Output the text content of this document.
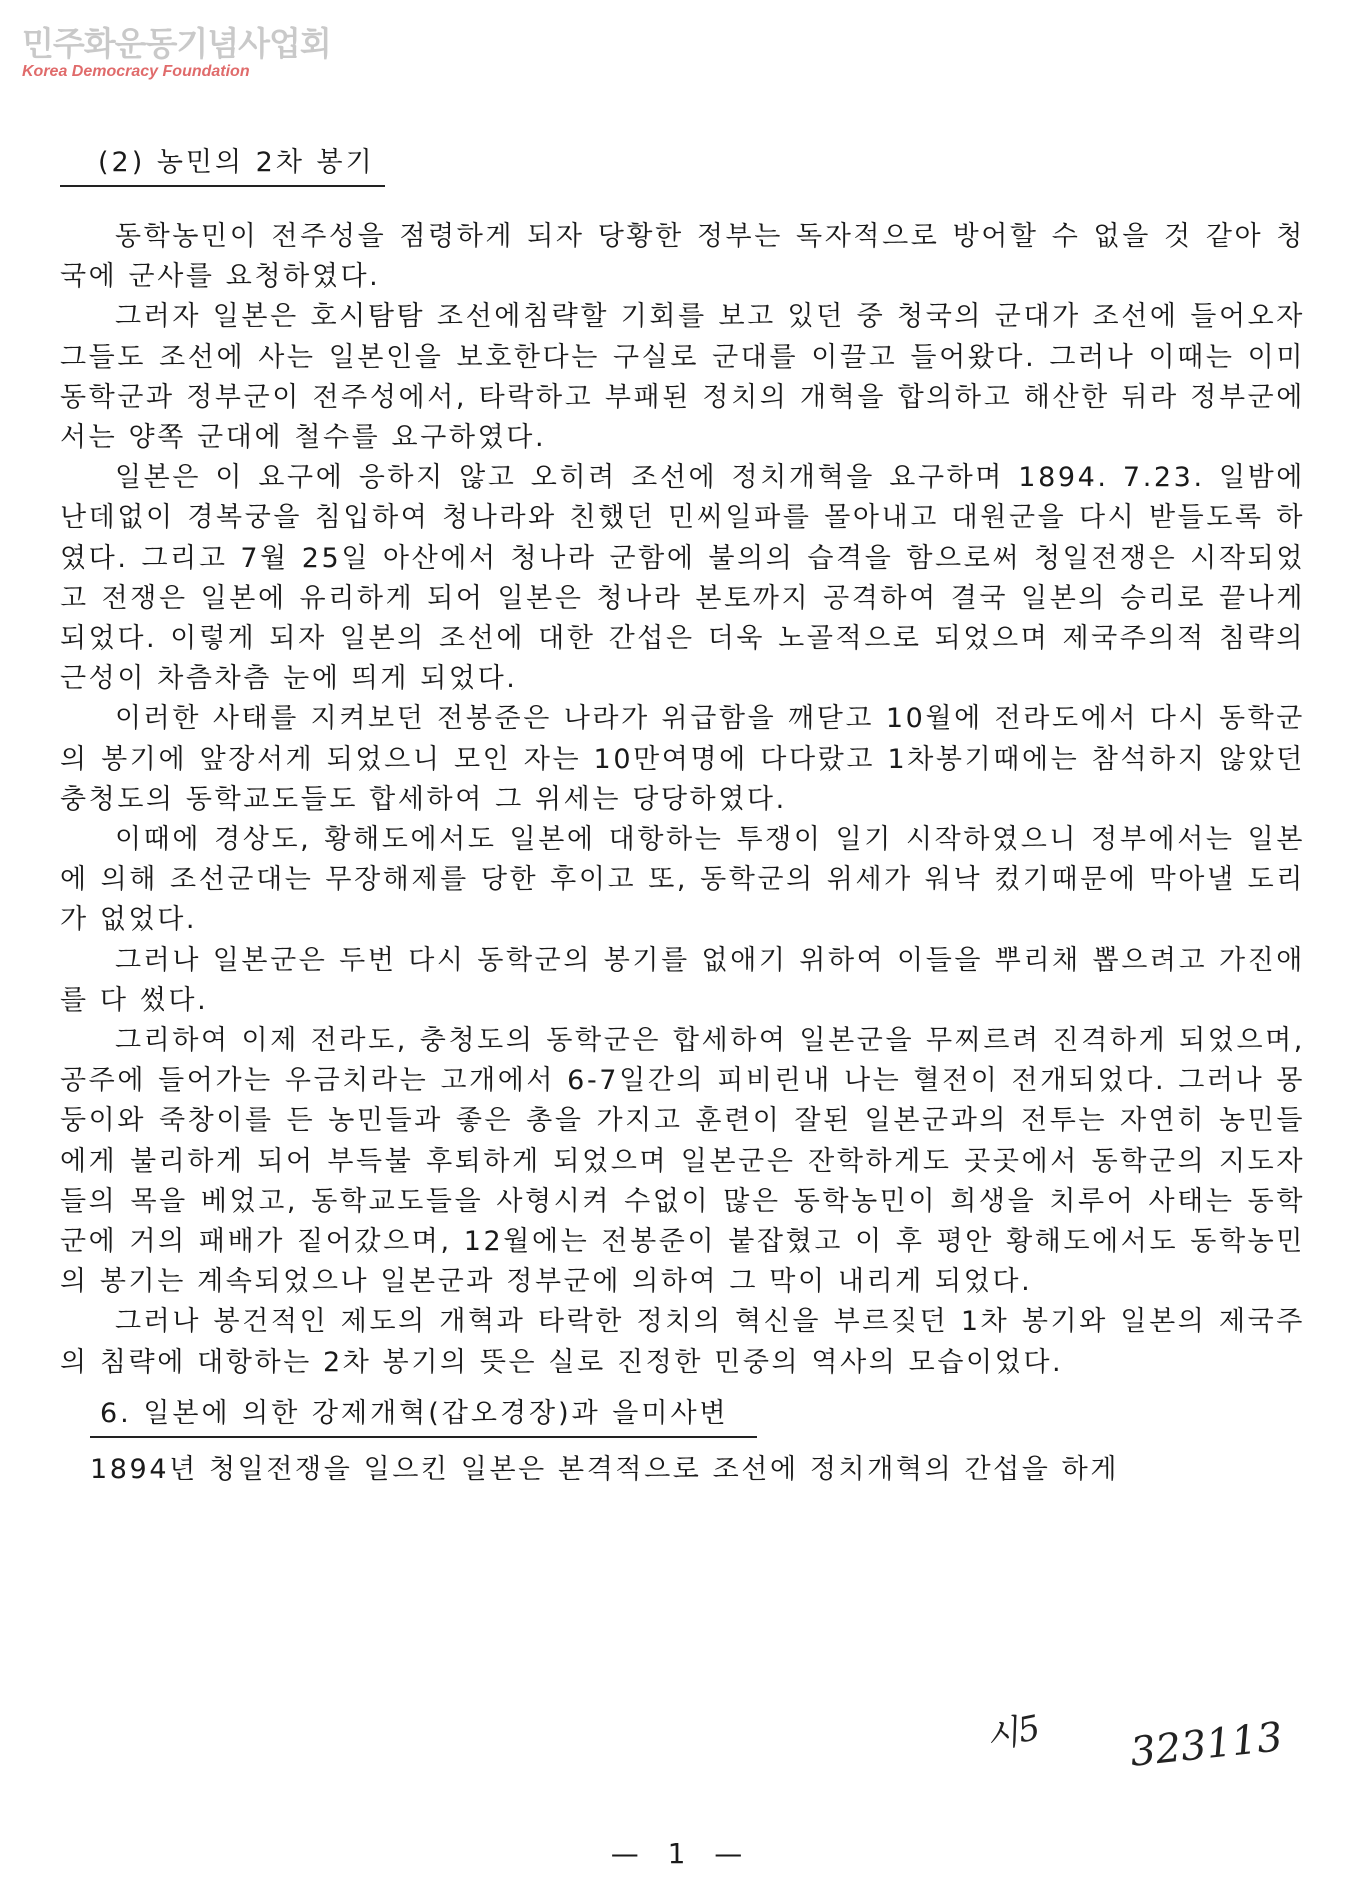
민주화운동기념사업회
Korea Democracy Foundation
(2) 농민의 2차 봉기

동학농민이 전주성을 점령하게 되자 당황한 정부는 독자적으로 방어할 수 없을 것 같아 청국에 군사를 요청하였다.

그러자 일본은 호시탐탐 조선에침략할 기회를 보고 있던 중 청국의 군대가 조선에 들어오자 그들도 조선에 사는 일본인을 보호한다는 구실로 군대를 이끌고 들어왔다. 그러나 이때는 이미 동학군과 정부군이 전주성에서, 타락하고 부패된 정치의 개혁을 합의하고 해산한 뒤라 정부군에서는 양쪽 군대에 철수를 요구하였다.

일본은 이 요구에 응하지 않고 오히려 조선에 정치개혁을 요구하며 1894. 7.23. 일밤에 난데없이 경복궁을 침입하여 청나라와 친했던 민씨일파를 몰아내고 대원군을 다시 받들도록 하였다. 그리고 7월 25일 아산에서 청나라 군함에 불의의 습격을 함으로써 청일전쟁은 시작되었고 전쟁은 일본에 유리하게 되어 일본은 청나라 본토까지 공격하여 결국 일본의 승리로 끝나게 되었다. 이렇게 되자 일본의 조선에 대한 간섭은 더욱 노골적으로 되었으며 제국주의적 침략의 근성이 차츰차츰 눈에 띄게 되었다.

이러한 사태를 지켜보던 전봉준은 나라가 위급함을 깨닫고 10월에 전라도에서 다시 동학군의 봉기에 앞장서게 되었으니 모인 자는 10만여명에 다다랐고 1차봉기때에는 참석하지 않았던 충청도의 동학교도들도 합세하여 그 위세는 당당하였다.

이때에 경상도, 황해도에서도 일본에 대항하는 투쟁이 일기 시작하였으니 정부에서는 일본에 의해 조선군대는 무장해제를 당한 후이고 또, 동학군의 위세가 워낙 컸기때문에 막아낼 도리가 없었다.

그러나 일본군은 두번 다시 동학군의 봉기를 없애기 위하여 이들을 뿌리채 뽑으려고 가진애를 다 썼다.

그리하여 이제 전라도, 충청도의 동학군은 합세하여 일본군을 무찌르려 진격하게 되었으며, 공주에 들어가는 우금치라는 고개에서 6-7일간의 피비린내 나는 혈전이 전개되었다. 그러나 몽둥이와 죽창이를 든 농민들과 좋은 총을 가지고 훈련이 잘된 일본군과의 전투는 자연히 농민들에게 불리하게 되어 부득불 후퇴하게 되었으며 일본군은 잔학하게도 곳곳에서 동학군의 지도자들의 목을 베었고, 동학교도들을 사형시켜 수없이 많은 동학농민이 희생을 치루어 사태는 동학군에 거의 패배가 짙어갔으며, 12월에는 전봉준이 붙잡혔고 이 후 평안 황해도에서도 동학농민의 봉기는 계속되었으나 일본군과 정부군에 의하여 그 막이 내리게 되었다.

그러나 봉건적인 제도의 개혁과 타락한 정치의 혁신을 부르짖던 1차 봉기와 일본의 제국주의 침략에 대항하는 2차 봉기의 뜻은 실로 진정한 민중의 역사의 모습이었다.

6. 일본에 의한 강제개혁(갑오경장)과 을미사변

1894년 청일전쟁을 일으킨 일본은 본격적으로 조선에 정치개혁의 간섭을 하게

시5 323113
— 1 —
